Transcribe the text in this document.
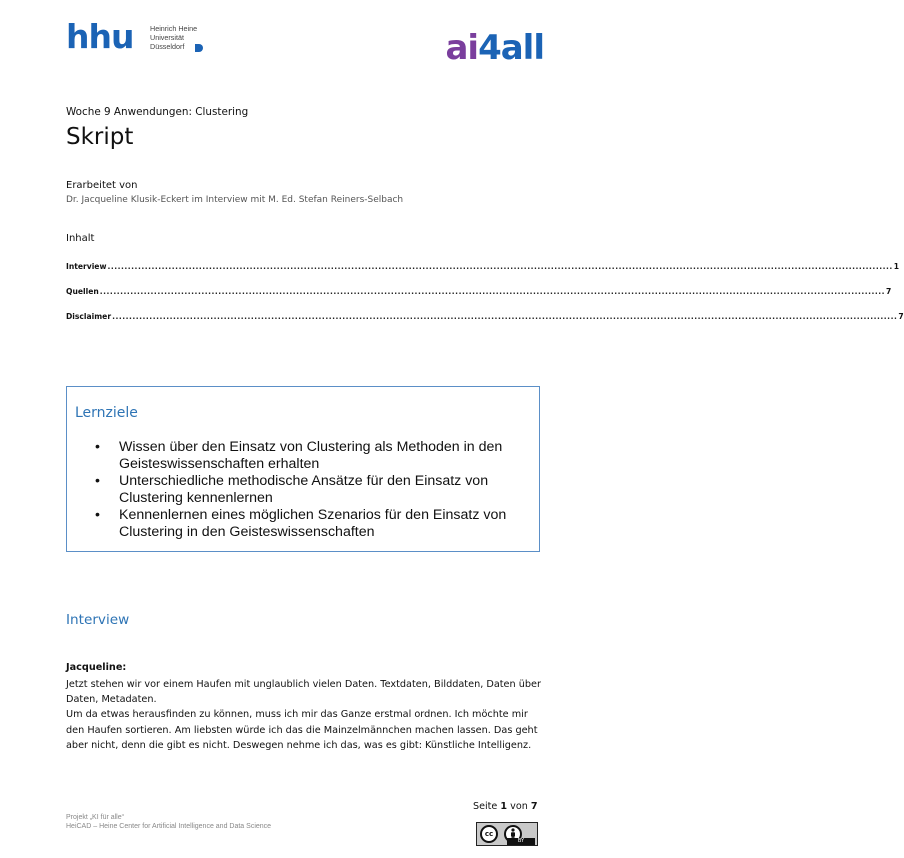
hhu Heinrich Heine
Universität
Düsseldorf	ai4all
Woche 9 Anwendungen: Clustering
Skript
Erarbeitet von
Dr. Jacqueline Klusik-Eckert im Interview mit M. Ed. Stefan Reiners-Selbach
Inhalt
Interview ........................................................................................................................................................................................................................................ 1
Quellen ........................................................................................................................................................................................................................................ 7
Disclaimer ........................................................................................................................................................................................................................................ 7
Lernziele
• Wissen über den Einsatz von Clustering als Methoden in den Geisteswissenschaften erhalten
• Unterschiedliche methodische Ansätze für den Einsatz von Clustering kennenlernen
• Kennenlernen eines möglichen Szenarios für den Einsatz von Clustering in den Geisteswissenschaften
Interview
Jacqueline:

Jetzt stehen wir vor einem Haufen mit unglaublich vielen Daten. Textdaten, Bilddaten, Daten über Daten, Metadaten.

Um da etwas herausfinden zu können, muss ich mir das Ganze erstmal ordnen. Ich möchte mir den Haufen sortieren. Am liebsten würde ich das die Mainzelmännchen machen lassen. Das geht aber nicht, denn die gibt es nicht. Deswegen nehme ich das, was es gibt: Künstliche Intelligenz.

Seite 1 von 7
Projekt „KI für alle“
HeiCAD – Heine Center for Artificial Intelligence and Data Science
cc
BY
